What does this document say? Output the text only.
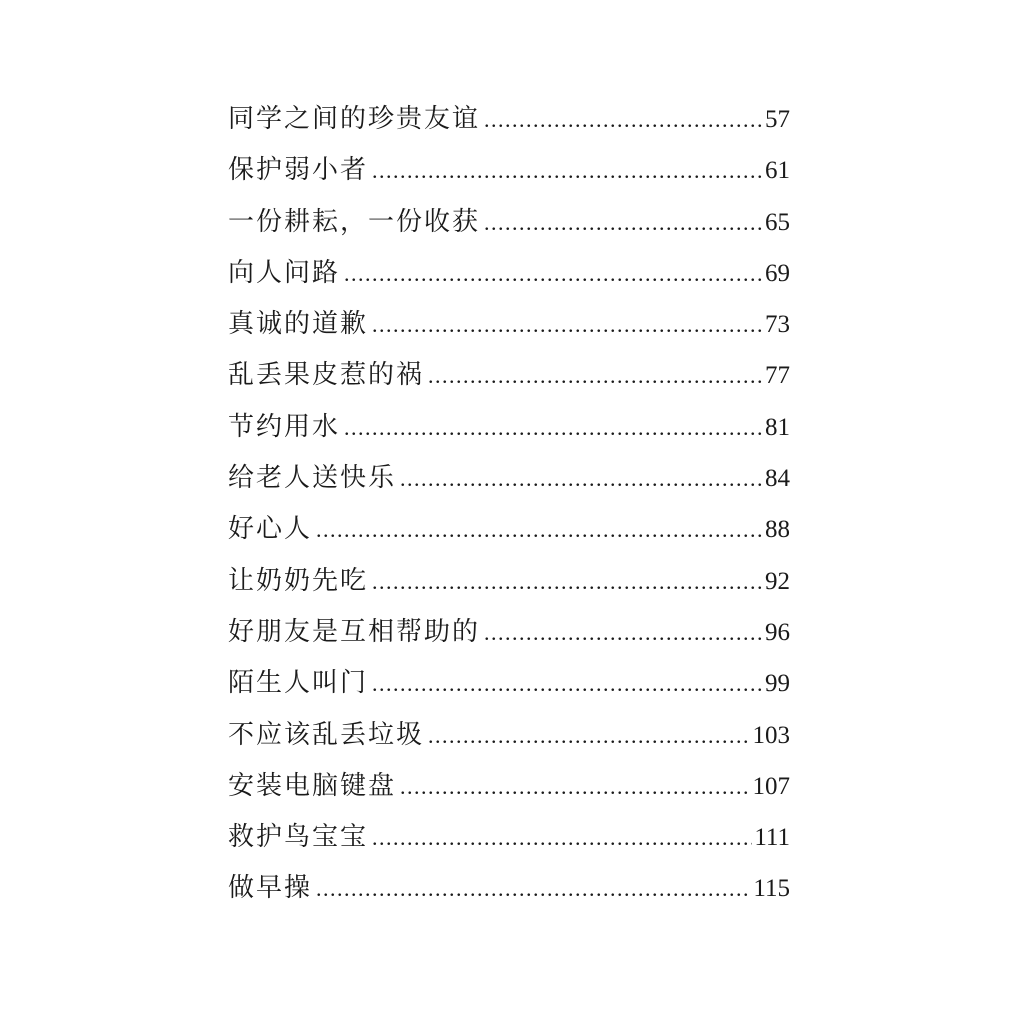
同学之间的珍贵友谊 .....	57
保护弱小者 .....	61
一份耕耘，一份收获 .....	65
向人问路 .....	69
真诚的道歉 .....	73
乱丢果皮惹的祸 .....	77
节约用水 .....	81
给老人送快乐 .....	84
好心人 .....	88
让奶奶先吃 .....	92
好朋友是互相帮助的 .....	96
陌生人叫门 .....	99
不应该乱丢垃圾 .....	103
安装电脑键盘 .....	107
救护鸟宝宝 .....	111
做早操 .....	115
